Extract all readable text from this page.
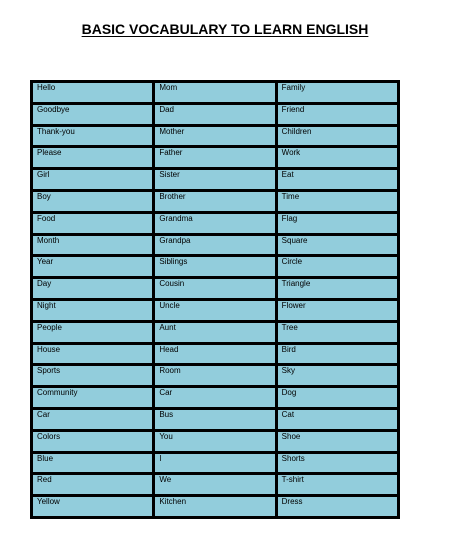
BASIC VOCABULARY TO LEARN ENGLISH
Hello	Mom	Family
Goodbye	Dad	Friend
Thank-you	Mother	Children
Please	Father	Work
Girl	Sister	Eat
Boy	Brother	Time
Food	Grandma	Flag
Month	Grandpa	Square
Year	Siblings	Circle
Day	Cousin	Triangle
Night	Uncle	Flower
People	Aunt	Tree
House	Head	Bird
Sports	Room	Sky
Community	Car	Dog
Car	Bus	Cat
Colors	You	Shoe
Blue	I	Shorts
Red	We	T-shirt
Yellow	Kitchen	Dress
